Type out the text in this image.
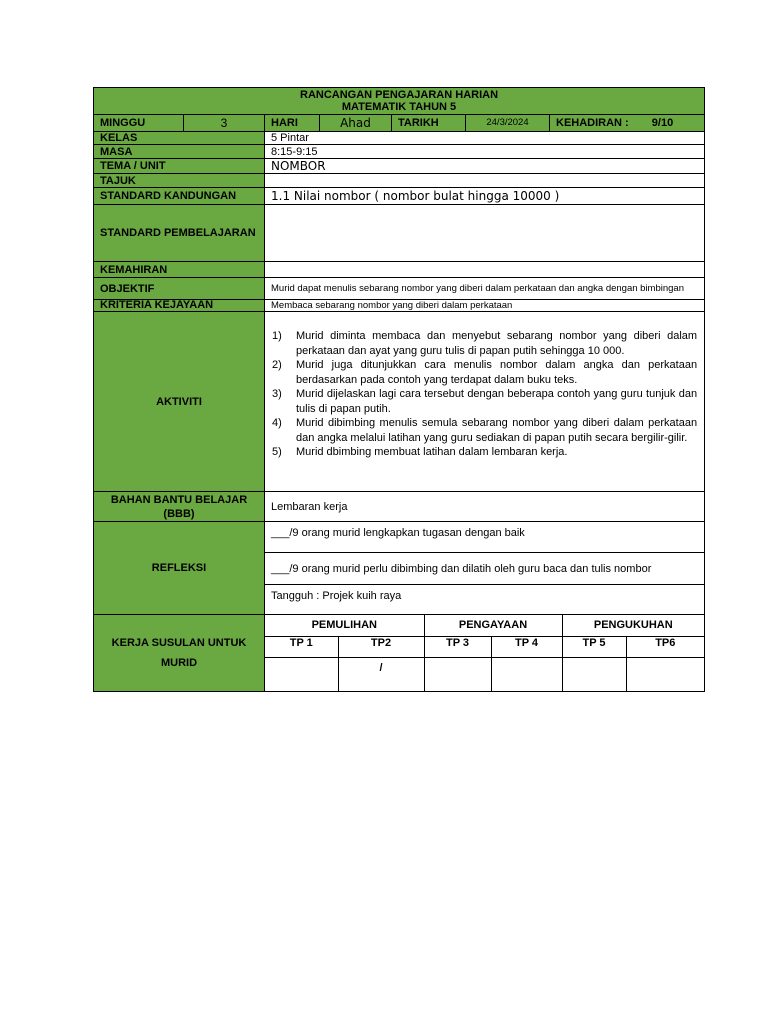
RANCANGAN PENGAJARAN HARIAN
MATEMATIK TAHUN 5

MINGGU	3	HARI	Ahad	TARIKH	24/3/2024	KEHADIRAN : 9/10
KELAS	5 Pintar
MASA	8:15-9:15
TEMA / UNIT	NOMBOR
TAJUK	
STANDARD KANDUNGAN	1.1 Nilai nombor ( nombor bulat hingga 10000 )
STANDARD PEMBELAJARAN	
KEMAHIRAN	
OBJEKTIF	Murid dapat menulis sebarang nombor yang diberi dalam perkataan dan angka dengan bimbingan
KRITERIA KEJAYAAN	Membaca sebarang nombor yang diberi dalam perkataan
AKTIVITI	
1) Murid diminta membaca dan menyebut sebarang nombor yang diberi dalam perkataan dan ayat yang guru tulis di papan putih sehingga 10 000.
2) Murid juga ditunjukkan cara menulis nombor dalam angka dan perkataan berdasarkan pada contoh yang terdapat dalam buku teks.
3) Murid dijelaskan lagi cara tersebut dengan beberapa contoh yang guru tunjuk dan tulis di papan putih.
4) Murid dibimbing menulis semula sebarang nombor yang diberi dalam perkataan dan angka melalui latihan yang guru sediakan di papan putih secara bergilir-gilir.
5) Murid dbimbing membuat latihan dalam lembaran kerja.

BAHAN BANTU BELAJAR (BBB)	Lembaran kerja
REFLEKSI	___/9 orang murid lengkapkan tugasan dengan baik
___/9 orang murid perlu dibimbing dan dilatih oleh guru baca dan tulis nombor
Tangguh : Projek kuih raya
KERJA SUSULAN UNTUK MURID	
PEMULIHAN	PENGAYAAN	PENGUKUHAN
TP 1	TP2	TP 3	TP 4	TP 5	TP6
	/				
